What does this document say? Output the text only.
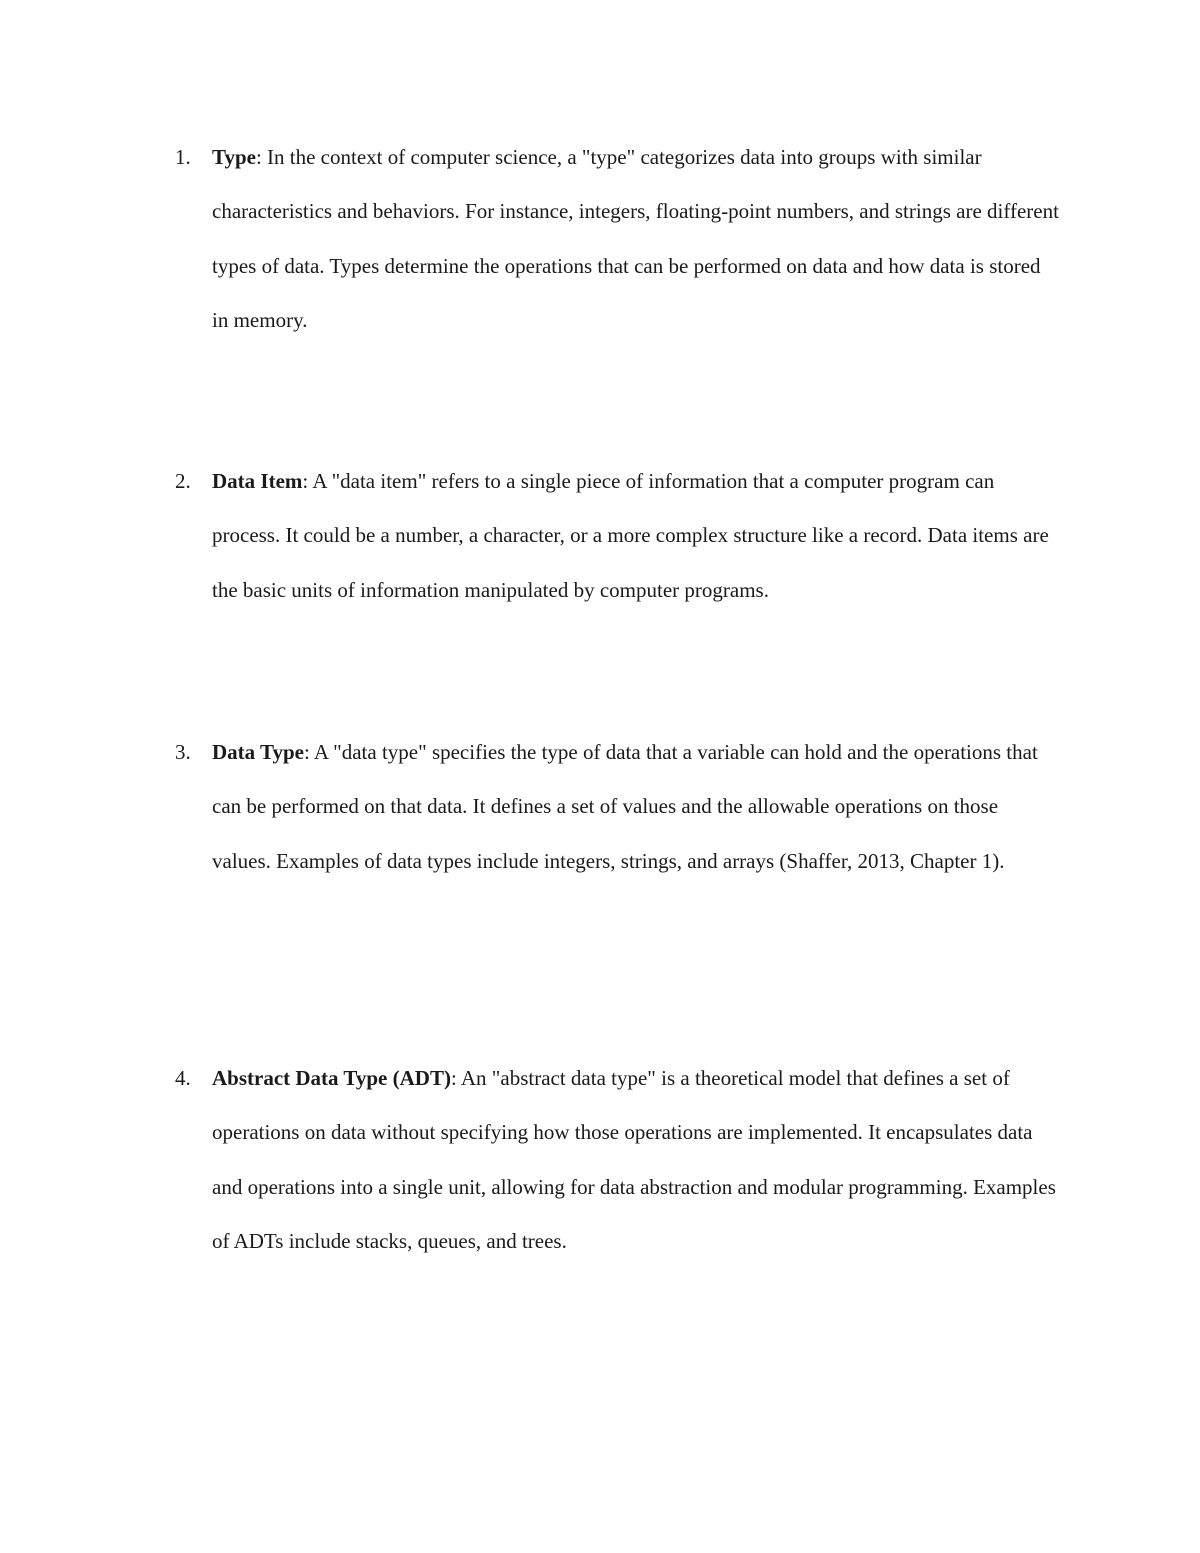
1. Type: In the context of computer science, a "type" categorizes data into groups with similar characteristics and behaviors. For instance, integers, floating-point numbers, and strings are different types of data. Types determine the operations that can be performed on data and how data is stored in memory.
2. Data Item: A "data item" refers to a single piece of information that a computer program can process. It could be a number, a character, or a more complex structure like a record. Data items are the basic units of information manipulated by computer programs.
3. Data Type: A "data type" specifies the type of data that a variable can hold and the operations that can be performed on that data. It defines a set of values and the allowable operations on those values. Examples of data types include integers, strings, and arrays (Shaffer, 2013, Chapter 1).
4. Abstract Data Type (ADT): An "abstract data type" is a theoretical model that defines a set of operations on data without specifying how those operations are implemented. It encapsulates data and operations into a single unit, allowing for data abstraction and modular programming. Examples of ADTs include stacks, queues, and trees.
